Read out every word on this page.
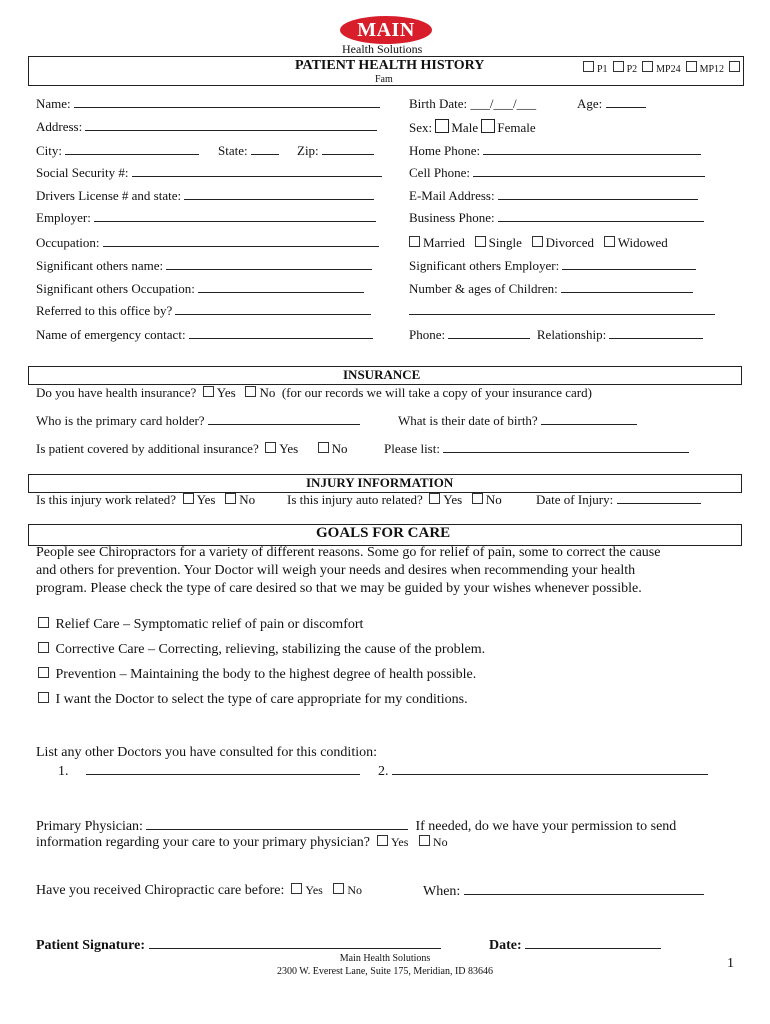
MAIN
Health Solutions
PATIENT HEALTH HISTORY
Fam
P1 P2 MP24 MP12
Name:	Birth Date: ___/___/___	Age:
Address:	Sex: Male Female
City:	State:	Zip:	Home Phone:
Social Security #:	Cell Phone:
Drivers License # and state:	E-Mail Address:
Employer:	Business Phone:
Occupation:	Married Single Divorced Widowed
Significant others name:	Significant others Employer:
Significant others Occupation:	Number & ages of Children:
Referred to this office by?
Name of emergency contact:	Phone:	Relationship:
INSURANCE
Do you have health insurance? Yes No (for our records we will take a copy of your insurance card)
Who is the primary card holder?	What is their date of birth?
Is patient covered by additional insurance? Yes	No	Please list:
INJURY INFORMATION
Is this injury work related? Yes No Is this injury auto related? Yes No	Date of Injury:
GOALS FOR CARE
People see Chiropractors for a variety of different reasons. Some go for relief of pain, some to correct the cause
and others for prevention. Your Doctor will weigh your needs and desires when recommending your health
program. Please check the type of care desired so that we may be guided by your wishes whenever possible.
Relief Care – Symptomatic relief of pain or discomfort
Corrective Care – Correcting, relieving, stabilizing the cause of the problem.
Prevention – Maintaining the body to the highest degree of health possible.
I want the Doctor to select the type of care appropriate for my conditions.
List any other Doctors you have consulted for this condition:
1.	2.
Primary Physician:	If needed, do we have your permission to send
information regarding your care to your primary physician? Yes No
Have you received Chiropractic care before: Yes No	When:
Patient Signature:	Date:
Main Health Solutions
2300 W. Everest Lane, Suite 175, Meridian, ID 83646
1
